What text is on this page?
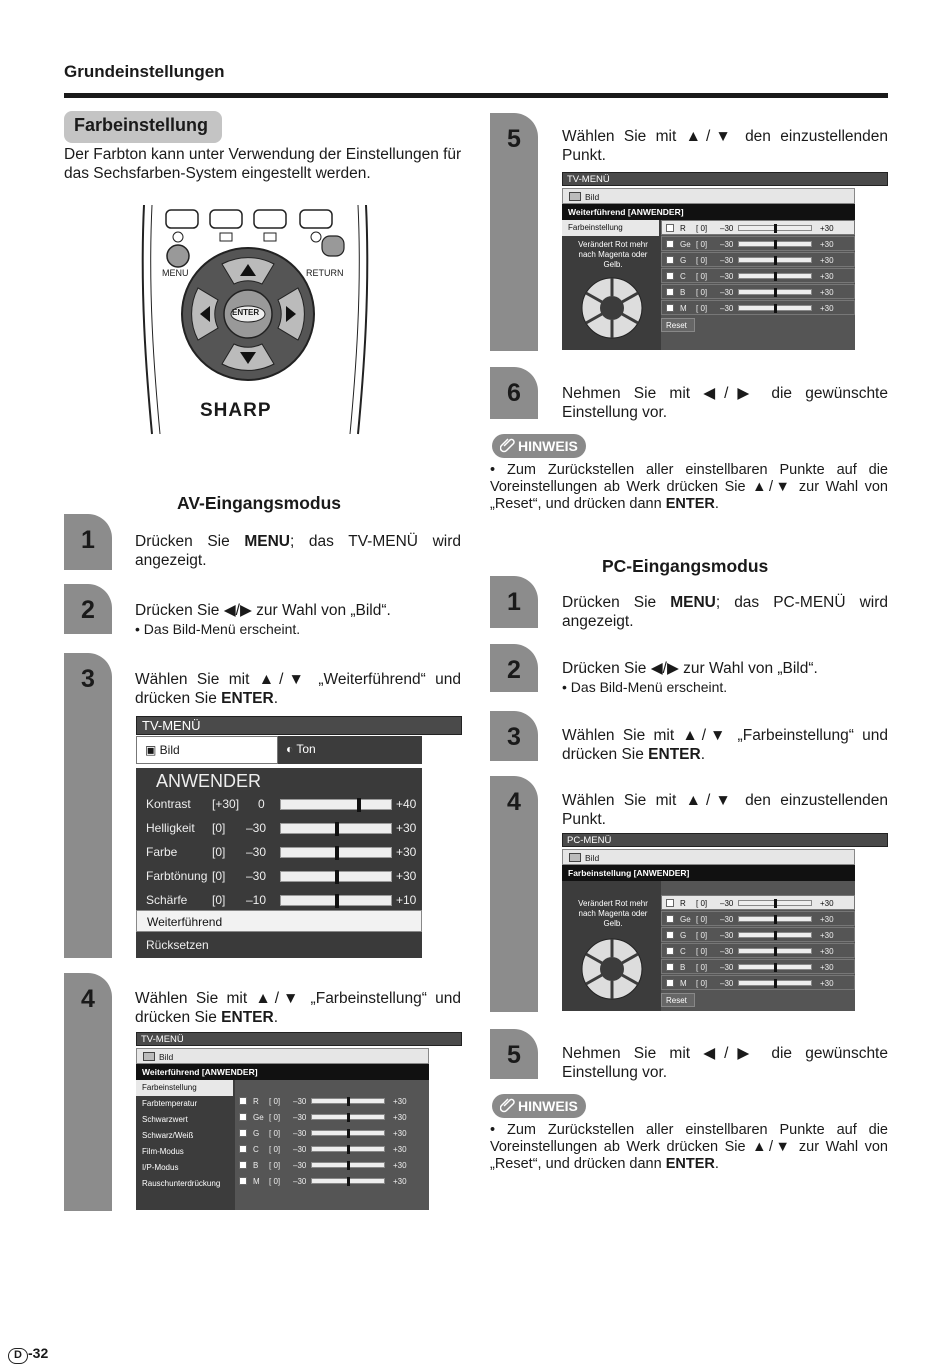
Grundeinstellungen
Farbeinstellung
Der Farbton kann unter Verwendung der Einstellungen für das Sechsfarben-System eingestellt werden.
MENU	RETURN
ENTER
SHARP
AV-Eingangsmodus
1	Drücken Sie MENU; das TV-MENÜ wird angezeigt.
2	Drücken Sie ◀/▶ zur Wahl von „Bild“.
• Das Bild-Menü erscheint.
3	Wählen Sie mit ▲/▼ „Weiterführend“ und drücken Sie ENTER.
TV-MENÜ
▣ Bild	◐ Ton
ANWENDER
Kontrast [+30] 0	+40
Helligkeit [0] –30	+30
Farbe	[0] –30	+30
Farbtönung [0] –30	+30
Schärfe [0] –10	+10
Weiterführend
Rücksetzen
4	Wählen Sie mit ▲/▼ „Farbeinstellung“ und drücken Sie ENTER.
TV-MENÜ
Bild
Weiterführend [ANWENDER]
Farbeinstellung
Farbtemperatur
Schwarzwert
Schwarz/Weiß
Film-Modus
I/P-Modus
Rauschunterdrückung
R [ 0] –30	+30
Ge [ 0] –30	+30
G [ 0] –30	+30
C [ 0] –30	+30
B [ 0] –30	+30
M [ 0] –30	+30
5	Wählen Sie mit ▲/▼ den einzustellenden Punkt.
TV-MENÜ
Bild
Weiterführend [ANWENDER]
Farbeinstellung
Verändert Rot mehr nach Magenta oder Gelb.
R [ 0] –30	+30
Ge [ 0] –30	+30
G [ 0] –30	+30
C [ 0] –30	+30
B [ 0] –30	+30
M [ 0] –30	+30
Reset
6	Nehmen Sie mit ◀/▶ die gewünschte Einstellung vor.
HINWEIS
• Zum Zurückstellen aller einstellbaren Punkte auf die Voreinstellungen ab Werk drücken Sie ▲/▼ zur Wahl von „Reset“, und drücken dann ENTER.
PC-Eingangsmodus
1	Drücken Sie MENU; das PC-MENÜ wird angezeigt.
2	Drücken Sie ◀/▶ zur Wahl von „Bild“.
• Das Bild-Menü erscheint.
3	Wählen Sie mit ▲/▼ „Farbeinstellung“ und drücken Sie ENTER.
4	Wählen Sie mit ▲/▼ den einzustellenden Punkt.
PC-MENÜ
Bild
Farbeinstellung [ANWENDER]
Verändert Rot mehr nach Magenta oder Gelb.
R [ 0] –30	+30
Ge [ 0] –30	+30
G [ 0] –30	+30
C [ 0] –30	+30
B [ 0] –30	+30
M [ 0] –30	+30
Reset
5	Nehmen Sie mit ◀/▶ die gewünschte Einstellung vor.
HINWEIS
• Zum Zurückstellen aller einstellbaren Punkte auf die Voreinstellungen ab Werk drücken Sie ▲/▼ zur Wahl von „Reset“, und drücken dann ENTER.
D -32
